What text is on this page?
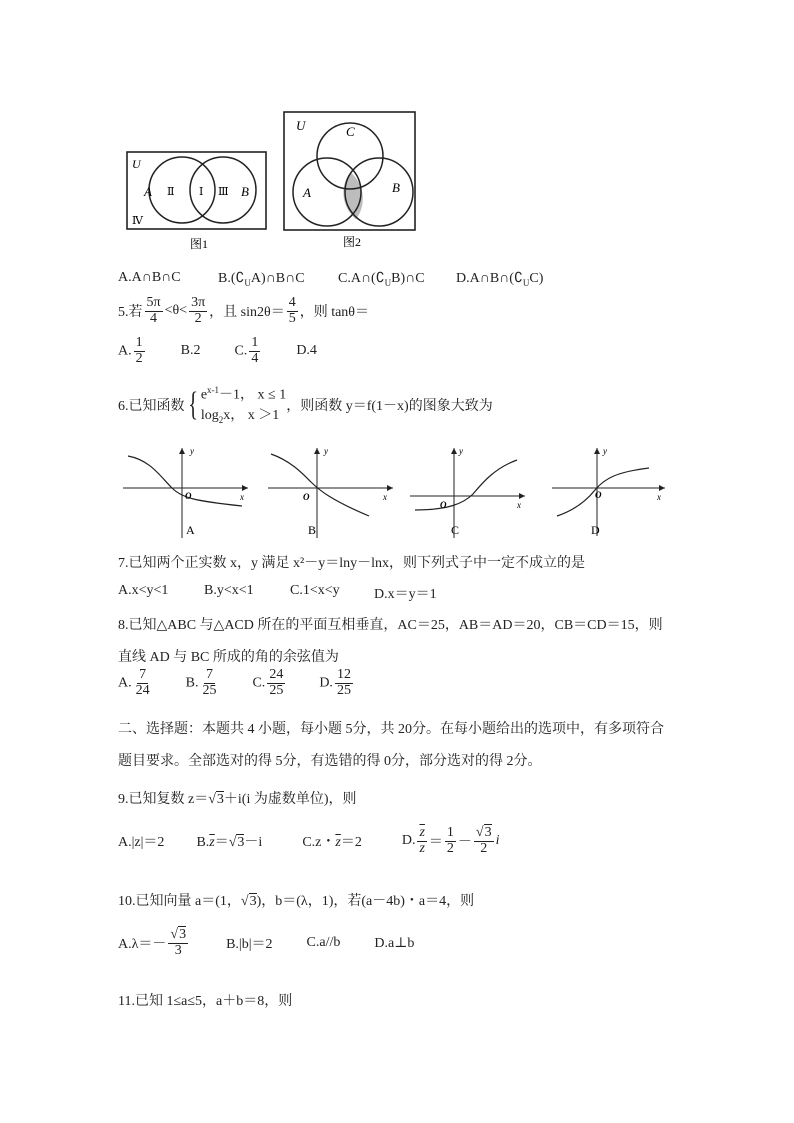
U
A	B
Ⅱ Ⅰ Ⅲ
Ⅳ
图1
U	C
A	B
图2
A.A∩B∩C	$B.(∁_UA)\cap B\cap C$ $C.A\cap(∁_UB)\cap C$ $D.A\cap B\cap(∁_UC)$
5.若 $\frac{5\pi}{4} <\theta< \frac{3\pi}{2}$ ，且 $\sin 2\theta= \frac{4}{5}$ ，则 tanθ＝
A. $\frac{1}{2}$	B.2 C. $\frac{1}{4}$	D.4
6.已知函数 { $e^{x-1}-1$， x ≤ 1
$\log_2x$， x ＞1
，则函数 y＝f(1－x)的图象大致为
y
x
O
A
y
x
O
B
y
x
O
C
y
x
O
D
7.已知两个正实数 x，y 满足 x²－y＝lny－lnx，则下列式子中一定不成立的是
A.x<y<1	B.y<x<1	C.1<x<y D.x＝y＝1
8.已知△ABC 与△ACD 所在的平面互相垂直，AC＝25，AB＝AD＝20，CB＝CD＝15，则
直线 AD 与 BC 所成的角的余弦值为
A. $\frac{7}{24} B$. $\frac{7}{25} C$. $\frac{24}{25} D$. $\frac{12}{25}$
二、选择题：本题共 4 小题，每小题 5分，共 20分。在每小题给出的选项中，有多项符合
题目要求。全部选对的得 5分，有选错的得 0分，部分选对的得 2分。
9.已知复数 z＝√3＋i(i 为虚数单位)，则
A.|z|＝2 $B.\overline{z}=√3-i$	C.z・$\overline{z}=2$	D. $\frac{\overline{z}}{z} = \frac{1}{2} - \frac{√3}{2}$ i
10.已知向量 a＝(1，√3)，b＝(λ，1)，若(a－4b)・a＝4，则
$A.\lambda=- \frac{√3}{3}$	B.|b|＝2 C.a//b D.a⊥b
11.已知 1≤a≤5，a＋b＝8，则
